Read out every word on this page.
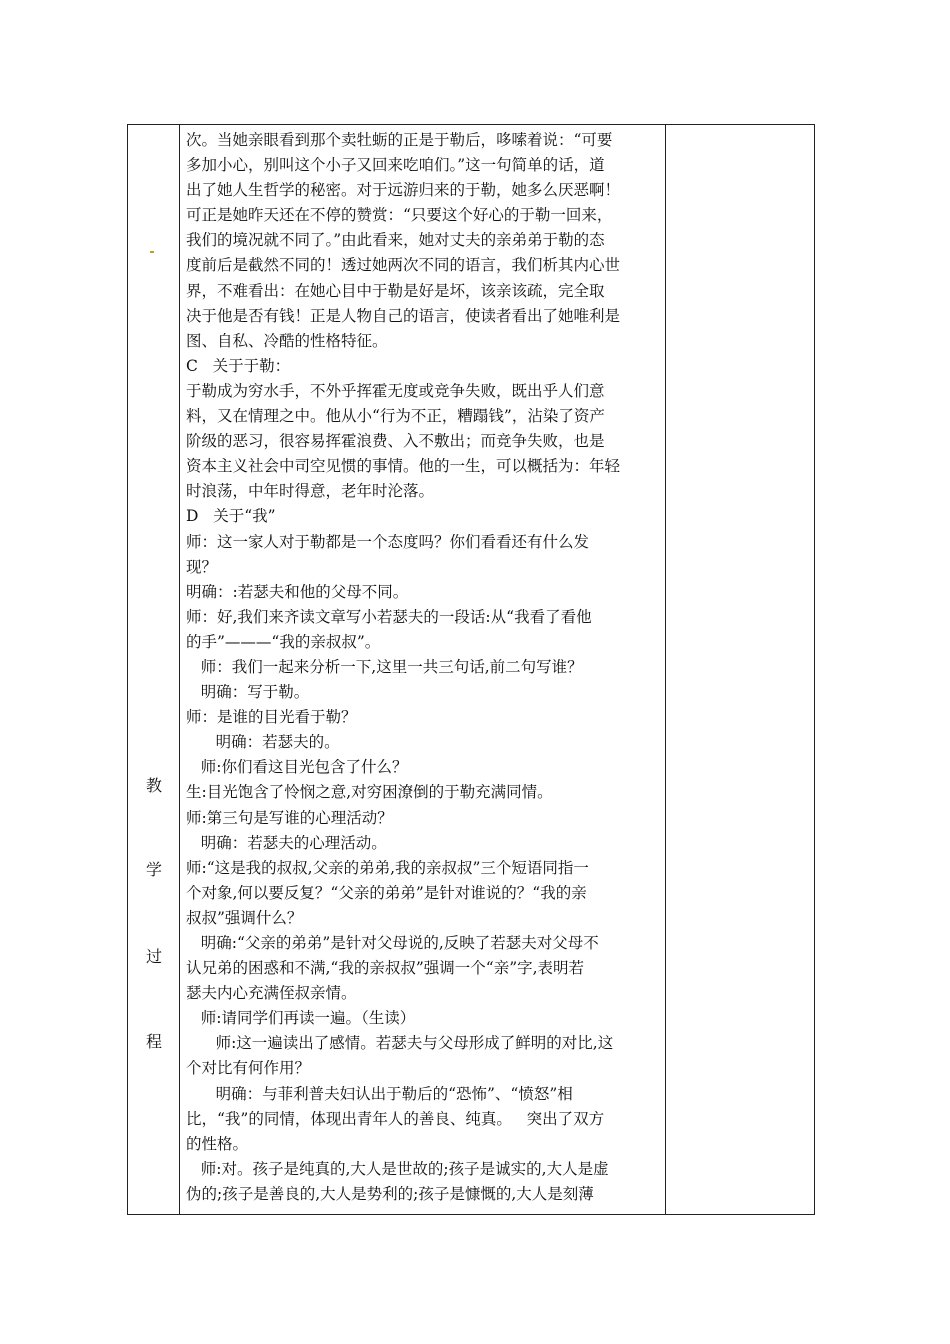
教
学
过
程

次。当她亲眼看到那个卖牡蛎的正是于勒后，哆嗦着说：“可要

多加小心，别叫这个小子又回来吃咱们。”这一句简单的话，道

出了她人生哲学的秘密。对于远游归来的于勒，她多么厌恶啊！

可正是她昨天还在不停的赞赏：“只要这个好心的于勒一回来，

我们的境况就不同了。”由此看来，她对丈夫的亲弟弟于勒的态

度前后是截然不同的！透过她两次不同的语言，我们析其内心世

界，不难看出：在她心目中于勒是好是坏，该亲该疏，完全取

决于他是否有钱！正是人物自己的语言，使读者看出了她唯利是

图、自私、冷酷的性格特征。

C   关于于勒：

于勒成为穷水手，不外乎挥霍无度或竞争失败，既出乎人们意

料，又在情理之中。他从小“行为不正，糟蹋钱”，沾染了资产

阶级的恶习，很容易挥霍浪费、入不敷出；而竞争失败，也是

资本主义社会中司空见惯的事情。他的一生，可以概括为：年轻

时浪荡，中年时得意，老年时沦落。

D   关于“我”

师：这一家人对于勒都是一个态度吗？你们看看还有什么发

现？

明确：:若瑟夫和他的父母不同。

师：好,我们来齐读文章写小若瑟夫的一段话:从“我看了看他

的手”———“我的亲叔叔”。

师：我们一起来分析一下,这里一共三句话,前二句写谁？

明确：写于勒。

师：是谁的目光看于勒？

明确：若瑟夫的。

师:你们看这目光包含了什么？

生:目光饱含了怜悯之意,对穷困潦倒的于勒充满同情。

师:第三句是写谁的心理活动？

明确：若瑟夫的心理活动。

师:“这是我的叔叔,父亲的弟弟,我的亲叔叔”三个短语同指一

个对象,何以要反复？“父亲的弟弟”是针对谁说的？“我的亲

叔叔”强调什么？

明确:“父亲的弟弟”是针对父母说的,反映了若瑟夫对父母不

认兄弟的困惑和不满,“我的亲叔叔”强调一个“亲”字,表明若

瑟夫内心充满侄叔亲情。

师:请同学们再读一遍。（生读）

师:这一遍读出了感情。若瑟夫与父母形成了鲜明的对比,这

个对比有何作用？

明确：与菲利普夫妇认出于勒后的“恐怖”、“愤怒”相

比，“我”的同情，体现出青年人的善良、纯真。   突出了双方

的性格。

师:对。孩子是纯真的,大人是世故的;孩子是诚实的,大人是虚

伪的;孩子是善良的,大人是势利的;孩子是慷慨的,大人是刻薄
